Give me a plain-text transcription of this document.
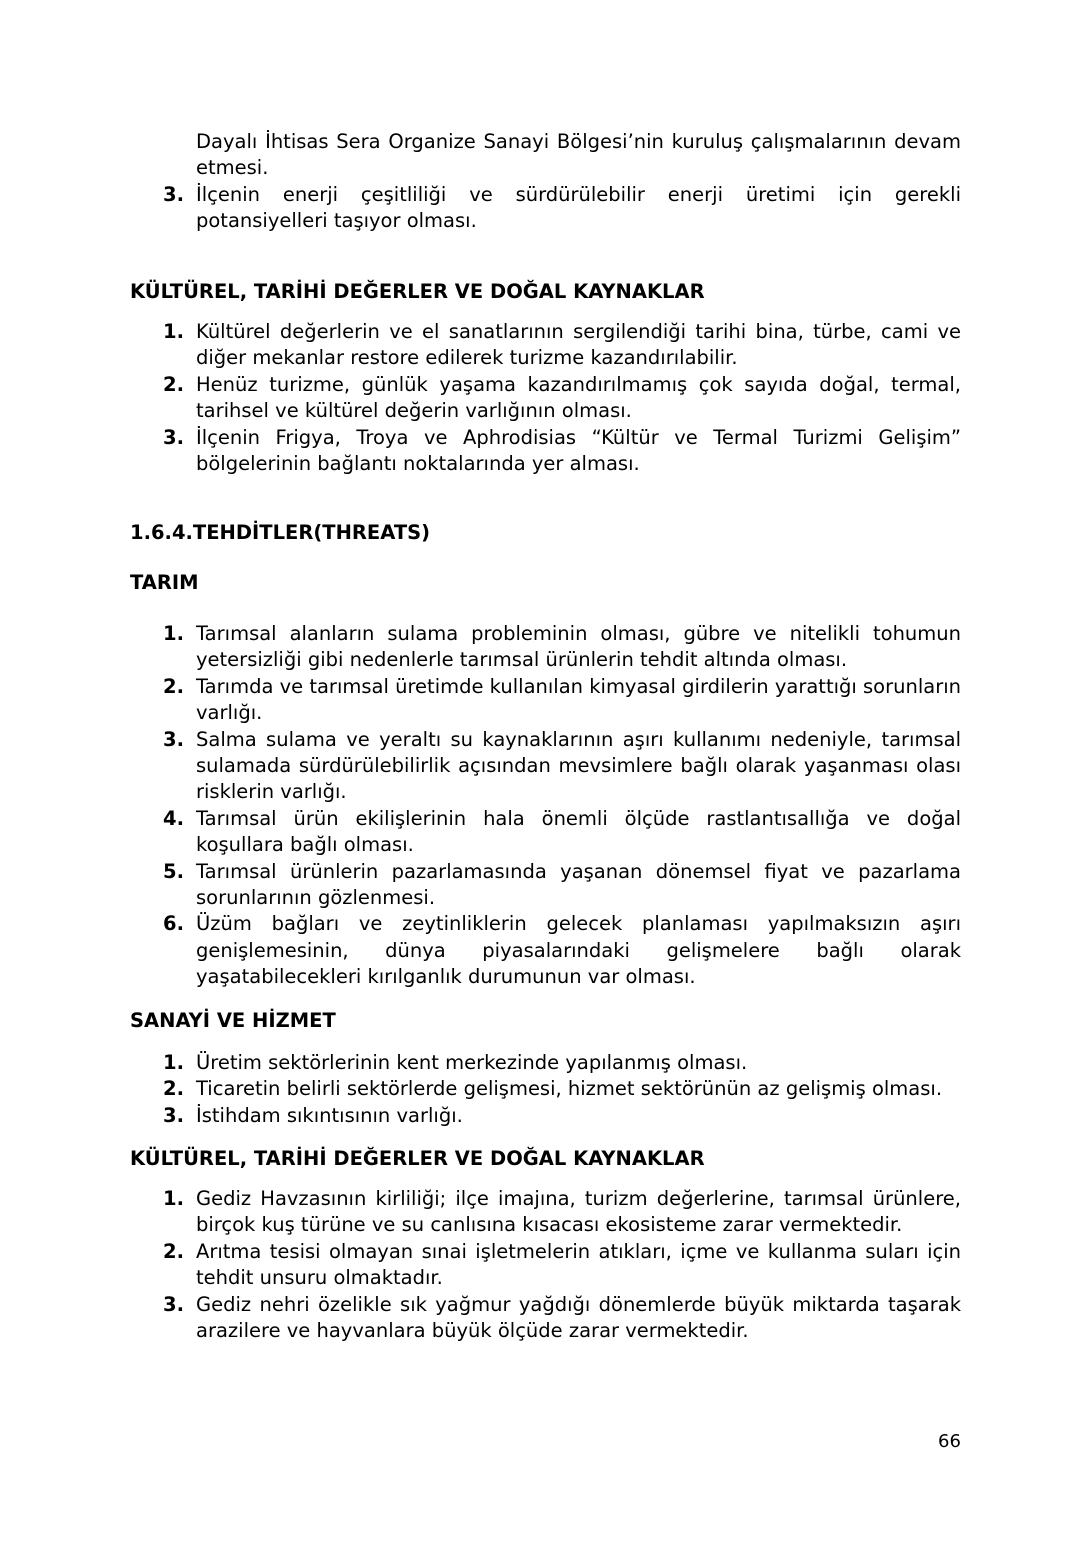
Dayalı İhtisas Sera Organize Sanayi Bölgesi’nin kuruluş çalışmalarının devam etmesi.
3. İlçenin enerji çeşitliliği ve sürdürülebilir enerji üretimi için gerekli potansiyelleri taşıyor olması.
KÜLTÜREL, TARİHİ DEĞERLER VE DOĞAL KAYNAKLAR
1. Kültürel değerlerin ve el sanatlarının sergilendiği tarihi bina, türbe, cami ve diğer mekanlar restore edilerek turizme kazandırılabilir.
2. Henüz turizme, günlük yaşama kazandırılmamış çok sayıda doğal, termal, tarihsel ve kültürel değerin varlığının olması.
3. İlçenin Frigya, Troya ve Aphrodisias “Kültür ve Termal Turizmi Gelişim” bölgelerinin bağlantı noktalarında yer alması.
1.6.4.TEHDİTLER(THREATS)
TARIM
1. Tarımsal alanların sulama probleminin olması, gübre ve nitelikli tohumun yetersizliği gibi nedenlerle tarımsal ürünlerin tehdit altında olması.
2. Tarımda ve tarımsal üretimde kullanılan kimyasal girdilerin yarattığı sorunların varlığı.
3. Salma sulama ve yeraltı su kaynaklarının aşırı kullanımı nedeniyle, tarımsal sulamada sürdürülebilirlik açısından mevsimlere bağlı olarak yaşanması olası risklerin varlığı.
4. Tarımsal ürün ekilişlerinin hala önemli ölçüde rastlantısallığa ve doğal koşullara bağlı olması.
5. Tarımsal ürünlerin pazarlamasında yaşanan dönemsel fiyat ve pazarlama sorunlarının gözlenmesi.
6. Üzüm bağları ve zeytinliklerin gelecek planlaması yapılmaksızın aşırı genişlemesinin, dünya piyasalarındaki gelişmelere bağlı olarak yaşatabilecekleri kırılganlık durumunun var olması.
SANAYİ VE HİZMET
1. Üretim sektörlerinin kent merkezinde yapılanmış olması.
2. Ticaretin belirli sektörlerde gelişmesi, hizmet sektörünün az gelişmiş olması.
3. İstihdam sıkıntısının varlığı.
KÜLTÜREL, TARİHİ DEĞERLER VE DOĞAL KAYNAKLAR
1. Gediz Havzasının kirliliği; ilçe imajına, turizm değerlerine, tarımsal ürünlere, birçok kuş türüne ve su canlısına kısacası ekosisteme zarar vermektedir.
2. Arıtma tesisi olmayan sınai işletmelerin atıkları, içme ve kullanma suları için tehdit unsuru olmaktadır.
3. Gediz nehri özelikle sık yağmur yağdığı dönemlerde büyük miktarda taşarak arazilere ve hayvanlara büyük ölçüde zarar vermektedir.
66
